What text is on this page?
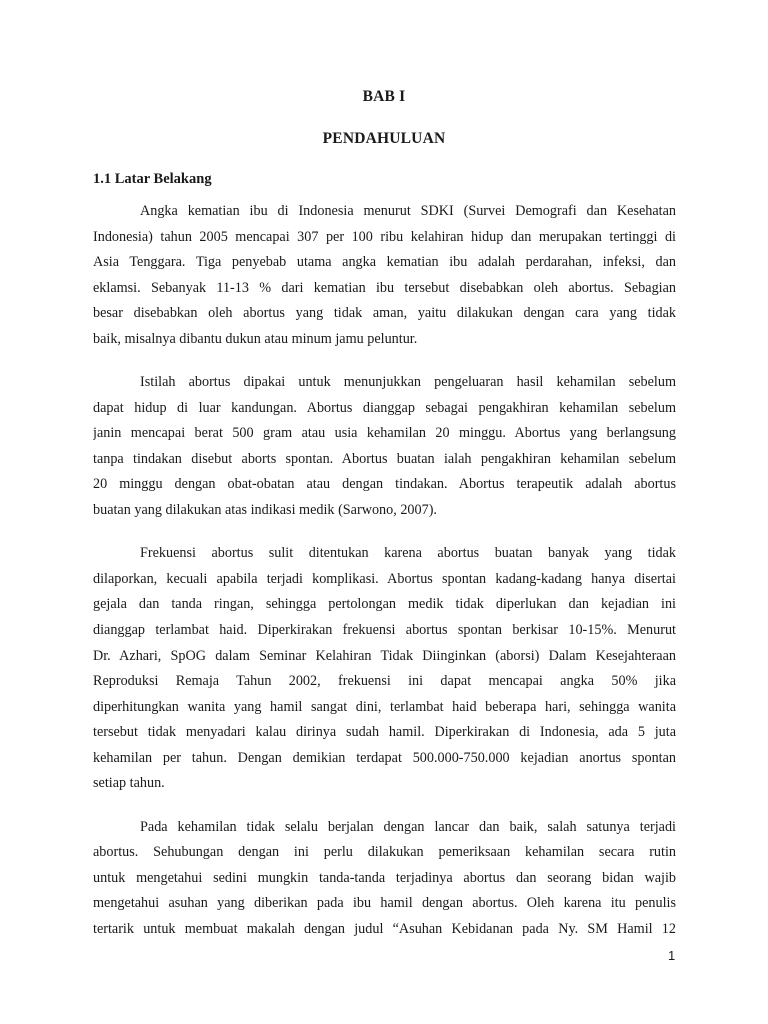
BAB I
PENDAHULUAN
1.1 Latar Belakang
Angka kematian ibu di Indonesia menurut SDKI (Survei Demografi dan Kesehatan
Indonesia) tahun 2005 mencapai 307 per 100 ribu kelahiran hidup dan merupakan tertinggi di
Asia Tenggara. Tiga penyebab utama angka kematian ibu adalah perdarahan, infeksi, dan
eklamsi. Sebanyak 11-13 % dari kematian ibu tersebut disebabkan oleh abortus. Sebagian
besar disebabkan oleh abortus yang tidak aman, yaitu dilakukan dengan cara yang tidak
baik, misalnya dibantu dukun atau minum jamu peluntur.
Istilah abortus dipakai untuk menunjukkan pengeluaran hasil kehamilan sebelum
dapat hidup di luar kandungan. Abortus dianggap sebagai pengakhiran kehamilan sebelum
janin mencapai berat 500 gram atau usia kehamilan 20 minggu. Abortus yang berlangsung
tanpa tindakan disebut aborts spontan. Abortus buatan ialah pengakhiran kehamilan sebelum
20 minggu dengan obat-obatan atau dengan tindakan. Abortus terapeutik adalah abortus
buatan yang dilakukan atas indikasi medik (Sarwono, 2007).
Frekuensi abortus sulit ditentukan karena abortus buatan banyak yang tidak
dilaporkan, kecuali apabila terjadi komplikasi. Abortus spontan kadang-kadang hanya disertai
gejala dan tanda ringan, sehingga pertolongan medik tidak diperlukan dan kejadian ini
dianggap terlambat haid. Diperkirakan frekuensi abortus spontan berkisar 10-15%. Menurut
Dr. Azhari, SpOG dalam Seminar Kelahiran Tidak Diinginkan (aborsi) Dalam Kesejahteraan
Reproduksi Remaja Tahun 2002, frekuensi ini dapat mencapai angka 50% jika
diperhitungkan wanita yang hamil sangat dini, terlambat haid beberapa hari, sehingga wanita
tersebut tidak menyadari kalau dirinya sudah hamil. Diperkirakan di Indonesia, ada 5 juta
kehamilan per tahun. Dengan demikian terdapat 500.000-750.000 kejadian anortus spontan
setiap tahun.
Pada kehamilan tidak selalu berjalan dengan lancar dan baik, salah satunya terjadi
abortus. Sehubungan dengan ini perlu dilakukan pemeriksaan kehamilan secara rutin
untuk mengetahui sedini mungkin tanda-tanda terjadinya abortus dan seorang bidan wajib
mengetahui asuhan yang diberikan pada ibu hamil dengan abortus. Oleh karena itu penulis
tertarik untuk membuat makalah dengan judul “Asuhan Kebidanan pada Ny. SM Hamil 12
1
